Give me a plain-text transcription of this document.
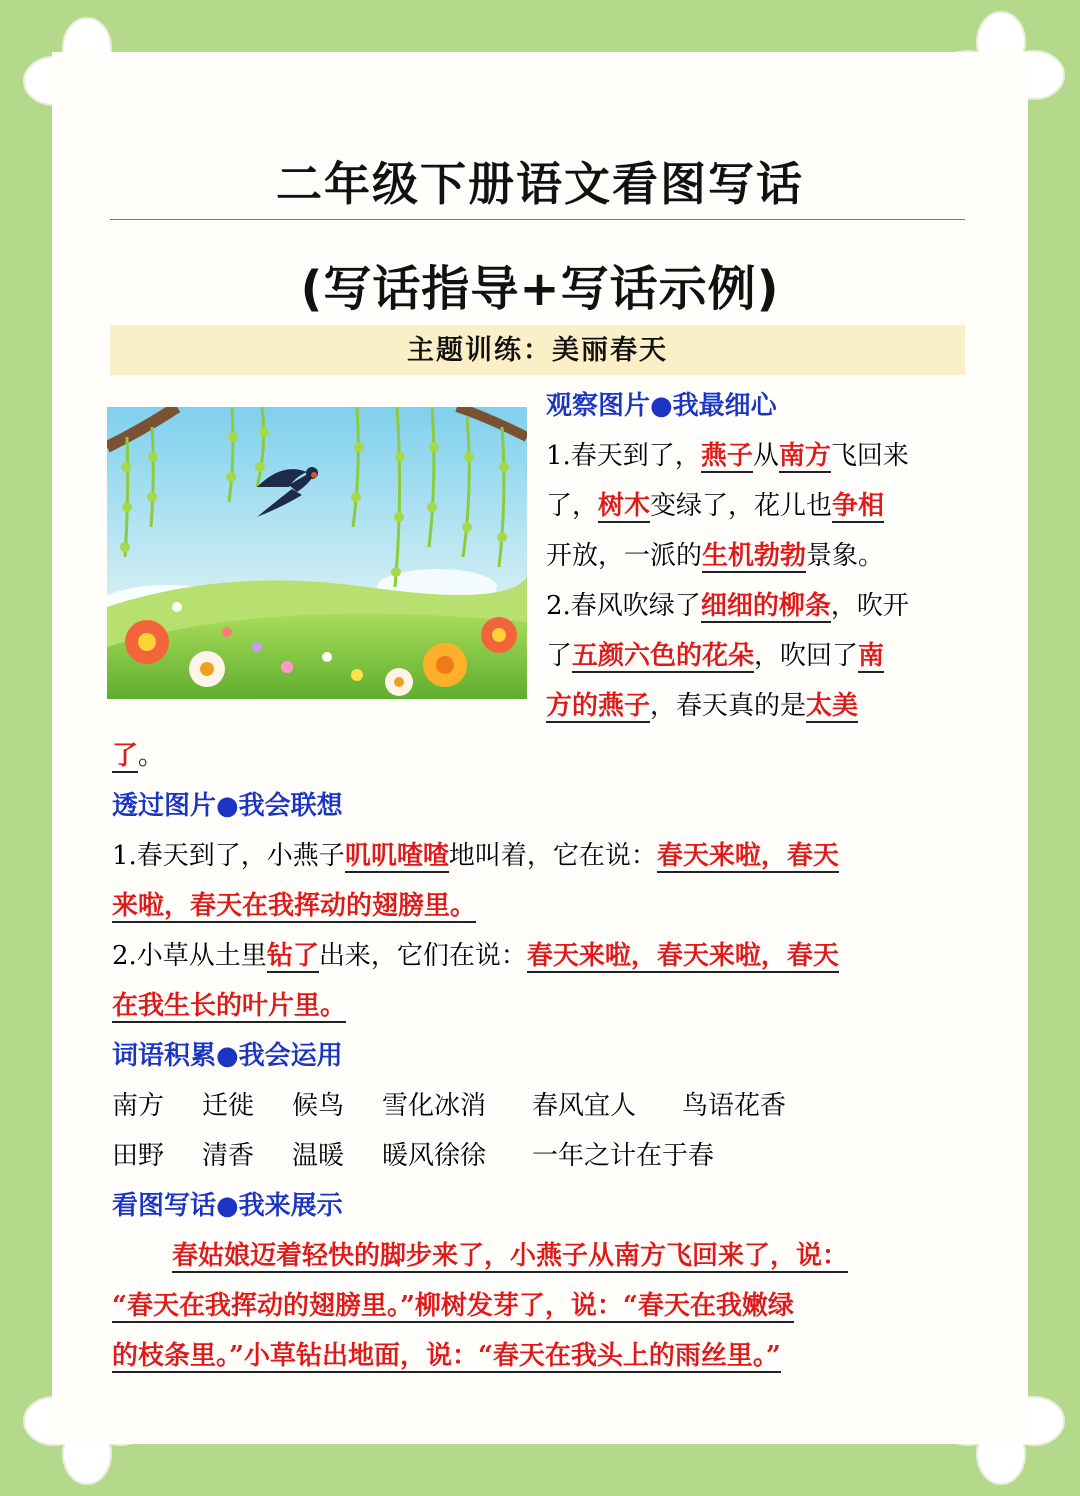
二年级下册语文看图写话
(写话指导+写话示例)
主题训练：美丽春天
观察图片●我最细心
1.春天到了，燕子从南方飞回来
了，树木变绿了，花儿也争相
开放，一派的生机勃勃景象。
2.春风吹绿了细细的柳条，吹开
了五颜六色的花朵，吹回了南
方的燕子，春天真的是太美
了。
透过图片●我会联想
1.春天到了，小燕子叽叽喳喳地叫着，它在说：春天来啦，春天
来啦，春天在我挥动的翅膀里。
2.小草从土里钻了出来，它们在说：春天来啦，春天来啦，春天
在我生长的叶片里。
词语积累●我会运用
南方 迁徙 候鸟 雪化冰消 春风宜人 鸟语花香
田野 清香 温暖 暖风徐徐 一年之计在于春
看图写话●我来展示
春姑娘迈着轻快的脚步来了，小燕子从南方飞回来了，说：
“春天在我挥动的翅膀里。”柳树发芽了，说：“春天在我嫩绿
的枝条里。”小草钻出地面，说：“春天在我头上的雨丝里。”
